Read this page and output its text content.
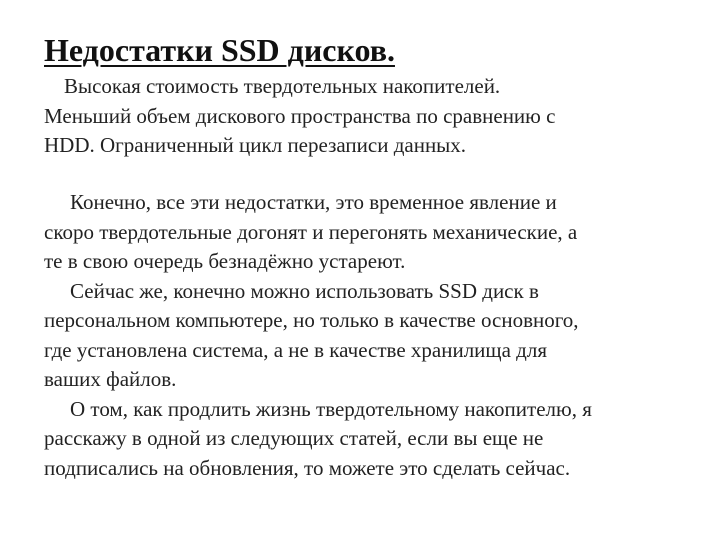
Недостатки SSD дисков.
Высокая стоимость твердотельных накопителей.
Меньший объем дискового пространства по сравнению с
HDD. Ограниченный цикл перезаписи данных.
Конечно, все эти недостатки, это временное явление и
скоро твердотельные догонят и перегонять механические, а
те в свою очередь безнадёжно устареют.
Сейчас же, конечно можно использовать SSD диск в
персональном компьютере, но только в качестве основного,
где установлена система, а не в качестве хранилища для
ваших файлов.
О том, как продлить жизнь твердотельному накопителю, я
расскажу в одной из следующих статей, если вы еще не
подписались на обновления, то можете это сделать сейчас.
